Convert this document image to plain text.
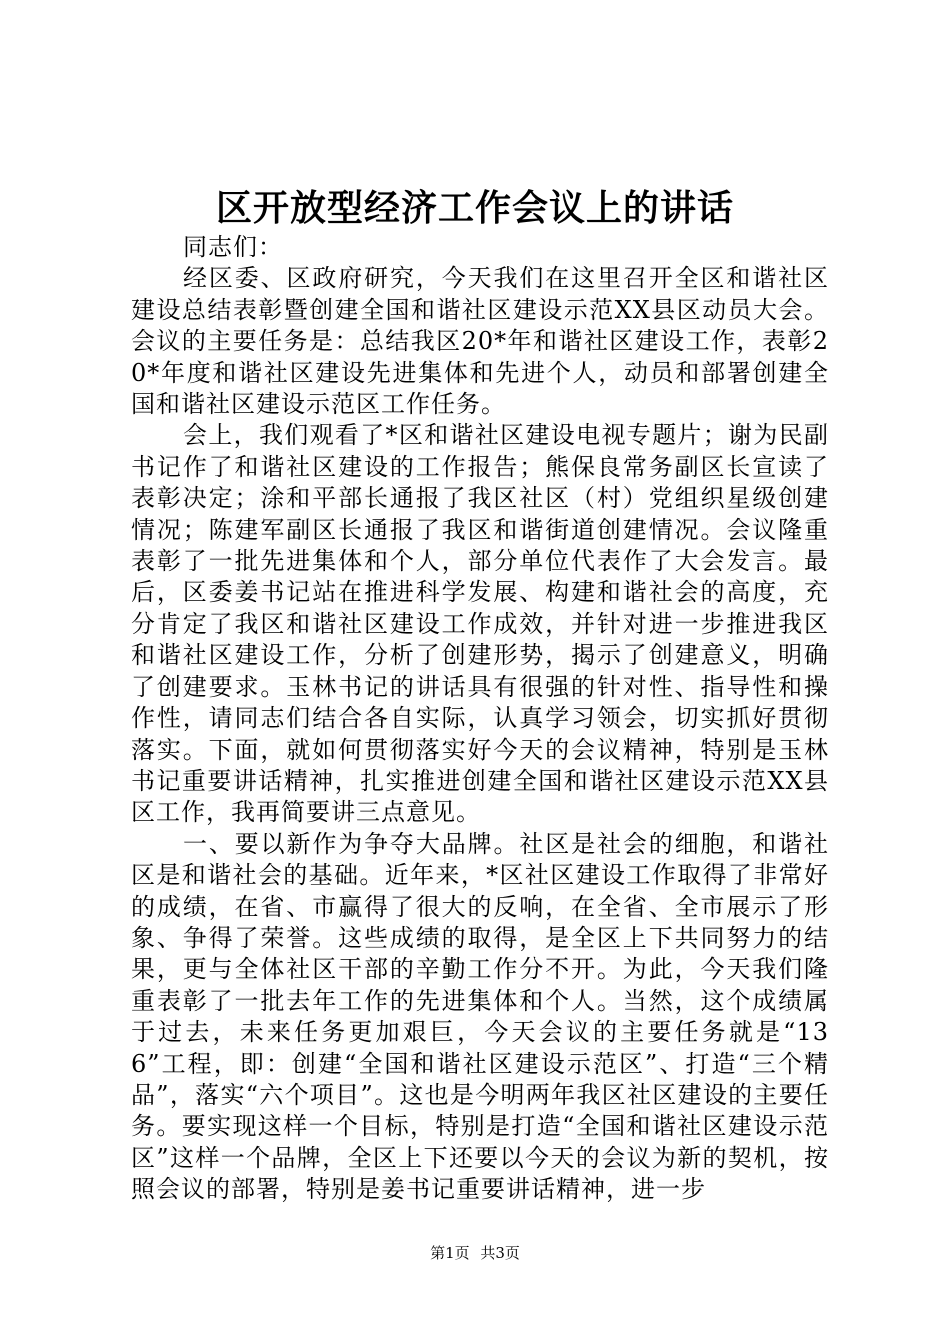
区开放型经济工作会议上的讲话

同志们：

经区委、区政府研究，今天我们在这里召开全区和谐社区建设总结表彰暨创建全国和谐社区建设示范XX县区动员大会。会议的主要任务是：总结我区20*年和谐社区建设工作，表彰20*年度和谐社区建设先进集体和先进个人，动员和部署创建全国和谐社区建设示范区工作任务。

会上，我们观看了*区和谐社区建设电视专题片；谢为民副书记作了和谐社区建设的工作报告；熊保良常务副区长宣读了表彰决定；涂和平部长通报了我区社区（村）党组织星级创建情况；陈建军副区长通报了我区和谐街道创建情况。会议隆重表彰了一批先进集体和个人，部分单位代表作了大会发言。最后，区委姜书记站在推进科学发展、构建和谐社会的高度，充分肯定了我区和谐社区建设工作成效，并针对进一步推进我区和谐社区建设工作，分析了创建形势，揭示了创建意义，明确了创建要求。玉林书记的讲话具有很强的针对性、指导性和操作性，请同志们结合各自实际，认真学习领会，切实抓好贯彻落实。下面，就如何贯彻落实好今天的会议精神，特别是玉林书记重要讲话精神，扎实推进创建全国和谐社区建设示范XX县区工作，我再简要讲三点意见。

一、要以新作为争夺大品牌。社区是社会的细胞，和谐社区是和谐社会的基础。近年来，*区社区建设工作取得了非常好的成绩，在省、市赢得了很大的反响，在全省、全市展示了形象、争得了荣誉。这些成绩的取得，是全区上下共同努力的结果，更与全体社区干部的辛勤工作分不开。为此，今天我们隆重表彰了一批去年工作的先进集体和个人。当然，这个成绩属于过去，未来任务更加艰巨，今天会议的主要任务就是“136”工程，即：创建“全国和谐社区建设示范区”、打造“三个精品”，落实“六个项目”。这也是今明两年我区社区建设的主要任务。要实现这样一个目标，特别是打造“全国和谐社区建设示范区”这样一个品牌，全区上下还要以今天的会议为新的契机，按照会议的部署，特别是姜书记重要讲话精神，进一步

第1页 共3页
